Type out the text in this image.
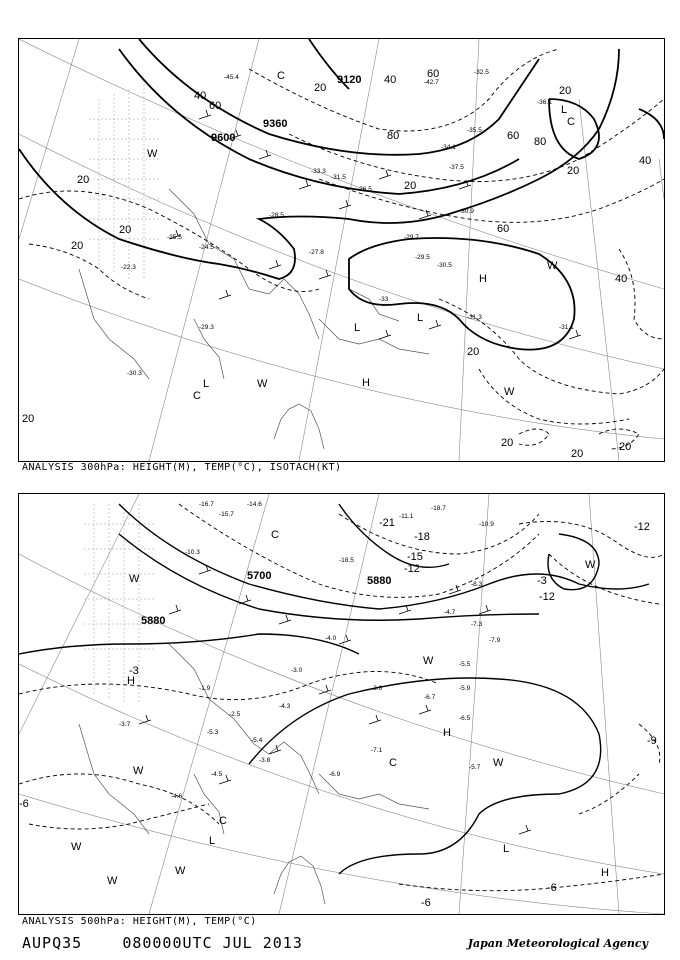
9120
9360
9600
20
20
20
20
20
20
20
20
20
20
20
20
40
40
40
40
60
60
60
60
80	80
-45.4
-42.7
-37.5
-34.1
-35.5
-31.5
-33.3
-29.7
-26.5
-28.5
-25.5
-24.5
-22.3
-29.5
-30.5
-31.3
-33
-27.8
-29.3
-30.3
-30.9
-31.1
-36.1
-32.5
L
L
L
L
H
H
C
C
C
W
W
W
W
ANALYSIS 300hPa: HEIGHT(M), TEMP(°C), ISOTACH(KT)
5700	5880
5880
-3
-3
-6
-6
-6
-9
-12
-12
-12
-15
-18
-21
-16.7
-15.7
-14.6
-10.3
-18.5
-11.1
-18.7
-10.9
-8.3
-7.3
-7.9
-5.5
-5.9
-6.5
-6.7
-4.7
-3.7
-4.5
-5.7
-7.1
-6.9
-4.0
-3.6
-5.4
-4.3
-2.5
-3.0
-1.9
-5.3
-4.6
-3.8
H
H
H
L
L
C
C
C
W
W
W
W
W
W
W
W
ANALYSIS 500hPa: HEIGHT(M), TEMP(°C)
AUPQ35	080000UTC JUL 2013	Japan Meteorological Agency
